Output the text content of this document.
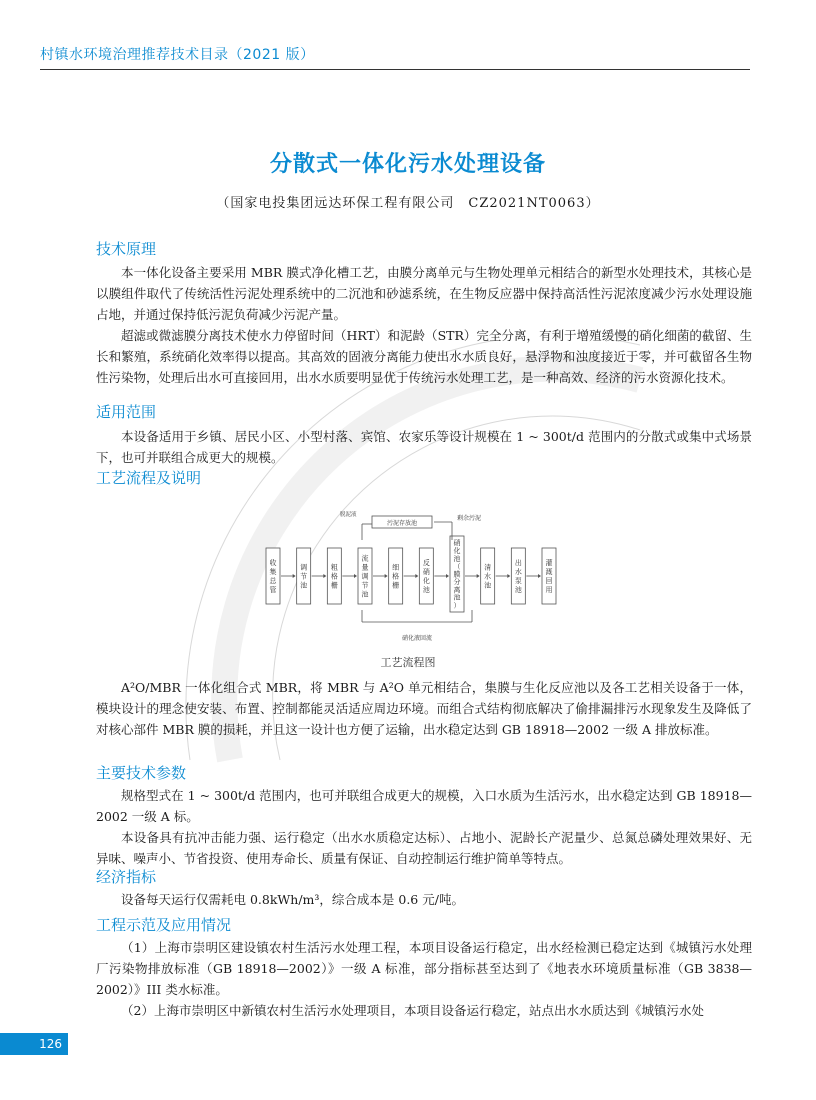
村镇水环境治理推荐技术目录（2021 版）
分散式一体化污水处理设备
（国家电投集团远达环保工程有限公司　CZ2021NT0063）
技术原理

本一体化设备主要采用 MBR 膜式净化槽工艺，由膜分离单元与生物处理单元相结合的新型水处理技术，其核心是以膜组件取代了传统活性污泥处理系统中的二沉池和砂滤系统，在生物反应器中保持高活性污泥浓度减少污水处理设施占地，并通过保持低污泥负荷减少污泥产量。

超滤或微滤膜分离技术使水力停留时间（HRT）和泥龄（STR）完全分离，有利于增殖缓慢的硝化细菌的截留、生长和繁殖，系统硝化效率得以提高。其高效的固液分离能力使出水水质良好，悬浮物和浊度接近于零，并可截留各生物性污染物，处理后出水可直接回用，出水水质要明显优于传统污水处理工艺，是一种高效、经济的污水资源化技术。

适用范围

本设备适用于乡镇、居民小区、小型村落、宾馆、农家乐等设计规模在 1 ~ 300t/d 范围内的分散式或集中式场景下，也可并联组合成更大的规模。

工艺流程及说明
收
集
总
管
调
节
池
粗
格
栅
流
量
调
节
池
细
格
栅
反
硝
化
池
硝
化
池
（
膜
分
离
池
）
清
水
池
出
水
泵
池
灌
溉
回
用
污泥存放池
剩余污泥
脱泥液
硝化液回流
工艺流程图

A²O/MBR 一体化组合式 MBR，将 MBR 与 A²O 单元相结合，集膜与生化反应池以及各工艺相关设备于一体，模块设计的理念使安装、布置、控制都能灵活适应周边环境。而组合式结构彻底解决了偷排漏排污水现象发生及降低了对核心部件 MBR 膜的损耗，并且这一设计也方便了运输，出水稳定达到 GB 18918—2002 一级 A 排放标准。

主要技术参数

规格型式在 1 ~ 300t/d 范围内，也可并联组合成更大的规模，入口水质为生活污水，出水稳定达到 GB 18918—2002 一级 A 标。

本设备具有抗冲击能力强、运行稳定（出水水质稳定达标）、占地小、泥龄长产泥量少、总氮总磷处理效果好、无异味、噪声小、节省投资、使用寿命长、质量有保证、自动控制运行维护简单等特点。

经济指标

设备每天运行仅需耗电 0.8kWh/m³，综合成本是 0.6 元/吨。

工程示范及应用情况

（1）上海市崇明区建设镇农村生活污水处理工程，本项目设备运行稳定，出水经检测已稳定达到《城镇污水处理厂污染物排放标准（GB 18918—2002）》一级 A 标准，部分指标甚至达到了《地表水环境质量标准（GB 3838—2002）》III 类水标准。

（2）上海市崇明区中新镇农村生活污水处理项目，本项目设备运行稳定，站点出水水质达到《城镇污水处

126
